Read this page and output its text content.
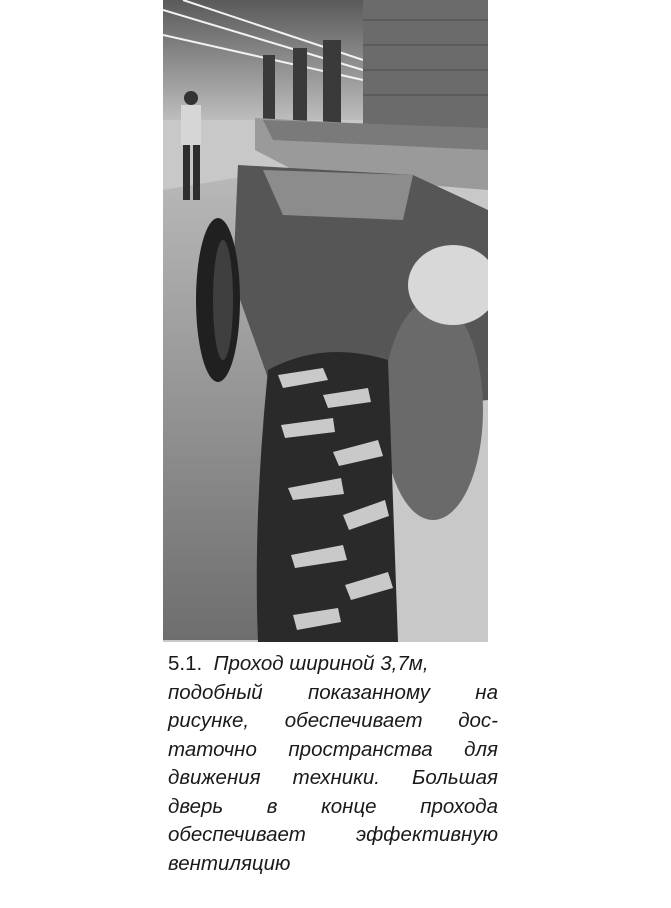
5.1. Проход шириной 3,7м,
подобный показанному на
рисунке, обеспечивает дос-
таточно пространства для
движения техники. Большая
дверь в конце прохода
обеспечивает эффективную
вентиляцию
